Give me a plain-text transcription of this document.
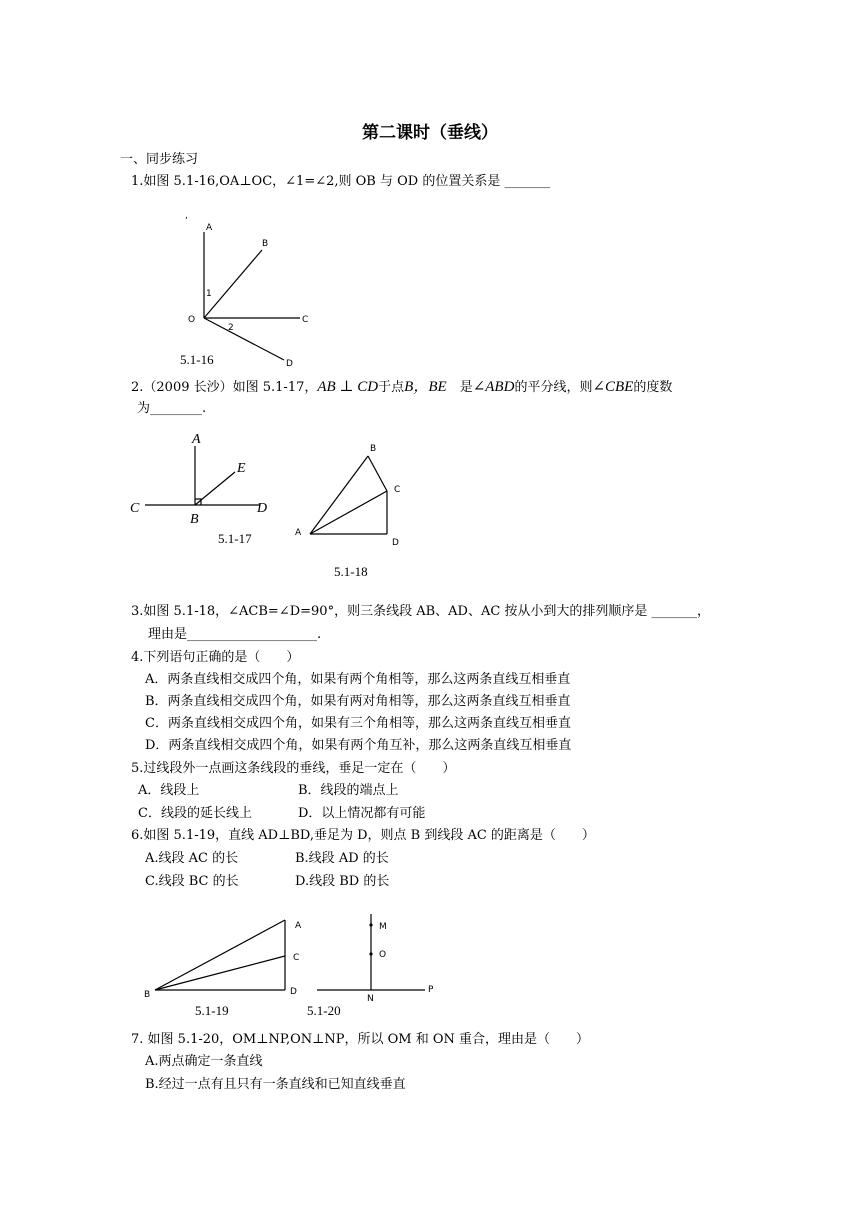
第二课时（垂线）
一、同步练习
1.如图 5.1-16,OA⊥OC，∠1=∠2,则 OB 与 OD 的位置关系是 _______
,
A
B
1
O	C
2
D
5.1-16
2.（2009 长沙）如图 5.1-17，AB ⊥ CD于点B，BE　 是∠ABD的平分线，则∠CBE的度数
为________.
A
E
C
B
D
5.1-17
B
C
A
D
5.1-18
3.如图 5.1-18，∠ACB=∠D=90°，则三条线段 AB、AD、AC 按从小到大的排列顺序是 _______，
理由是____________________.
4.下列语句正确的是（　　）
A．两条直线相交成四个角，如果有两个角相等，那么这两条直线互相垂直
B．两条直线相交成四个角，如果有两对角相等，那么这两条直线互相垂直
C．两条直线相交成四个角，如果有三个角相等，那么这两条直线互相垂直
D．两条直线相交成四个角，如果有两个角互补，那么这两条直线互相垂直
5.过线段外一点画这条线段的垂线，垂足一定在（　　）
A．线段上	B．线段的端点上
C．线段的延长线上	D．以上情况都有可能
6.如图 5.1-19，直线 AD⊥BD,垂足为 D，则点 B 到线段 AC 的距离是（　　）
A.线段 AC 的长	B.线段 AD 的长
C.线段 BC 的长	D.线段 BD 的长
A
C
B	D
5.1-19
M
O
N
P
5.1-20
7. 如图 5.1-20，OM⊥NP,ON⊥NP，所以 OM 和 ON 重合，理由是（　　）
A.两点确定一条直线
B.经过一点有且只有一条直线和已知直线垂直
